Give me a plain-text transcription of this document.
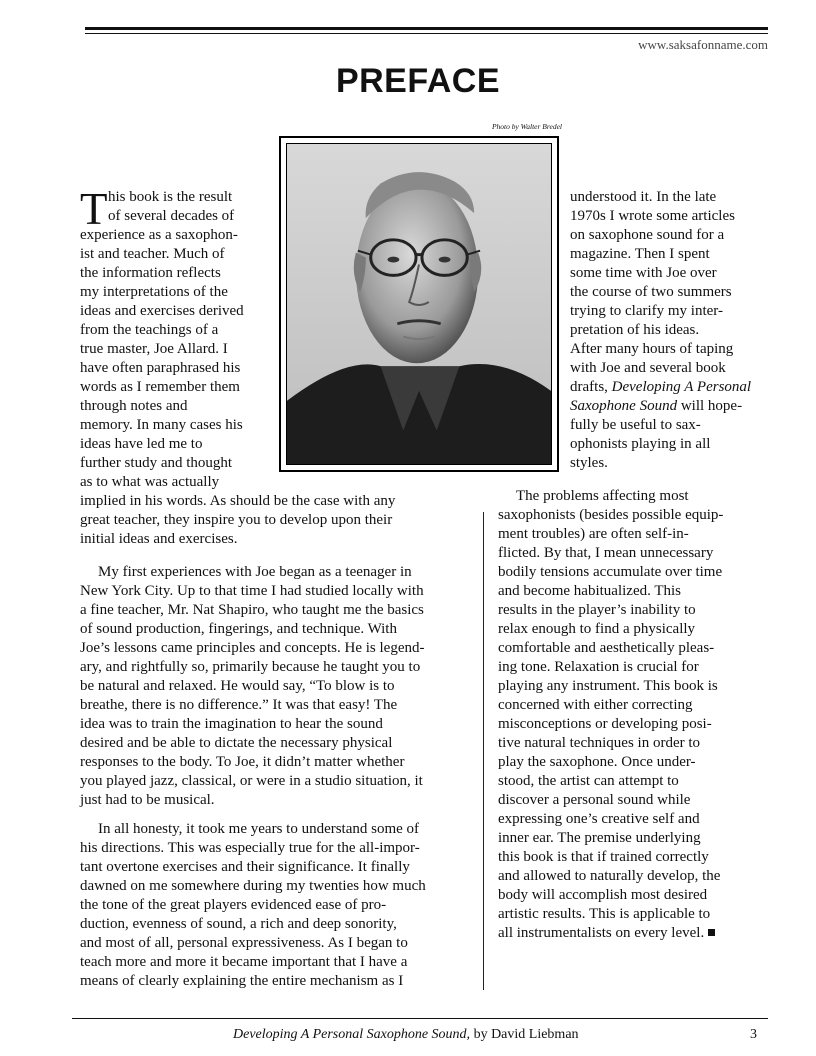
www.saksafonname.com
PREFACE
Photo by Walter Bredel
T his book is the result
of several decades of
experience as a saxophon-
ist and teacher. Much of
the information reflects
my interpretations of the
ideas and exercises derived
from the teachings of a
true master, Joe Allard. I
have often paraphrased his
words as I remember them
through notes and
memory. In many cases his
ideas have led me to
further study and thought
as to what was actually
implied in his words. As should be the case with any
great teacher, they inspire you to develop upon their
initial ideas and exercises.
understood it. In the late
1970s I wrote some articles
on saxophone sound for a
magazine. Then I spent
some time with Joe over
the course of two summers
trying to clarify my inter-
pretation of his ideas.
After many hours of taping
with Joe and several book
drafts, Developing A Personal
Saxophone Sound will hope-
fully be useful to sax-
ophonists playing in all
styles.
My first experiences with Joe began as a teenager in
New York City. Up to that time I had studied locally with
a fine teacher, Mr. Nat Shapiro, who taught me the basics
of sound production, fingerings, and technique. With
Joe’s lessons came principles and concepts. He is legend-
ary, and rightfully so, primarily because he taught you to
be natural and relaxed. He would say, “To blow is to
breathe, there is no difference.” It was that easy! The
idea was to train the imagination to hear the sound
desired and be able to dictate the necessary physical
responses to the body. To Joe, it didn’t matter whether
you played jazz, classical, or were in a studio situation, it
just had to be musical.
In all honesty, it took me years to understand some of
his directions. This was especially true for the all-impor-
tant overtone exercises and their significance. It finally
dawned on me somewhere during my twenties how much
the tone of the great players evidenced ease of pro-
duction, evenness of sound, a rich and deep sonority,
and most of all, personal expressiveness. As I began to
teach more and more it became important that I have a
means of clearly explaining the entire mechanism as I
The problems affecting most
saxophonists (besides possible equip-
ment troubles) are often self-in-
flicted. By that, I mean unnecessary
bodily tensions accumulate over time
and become habitualized. This
results in the player’s inability to
relax enough to find a physically
comfortable and aesthetically pleas-
ing tone. Relaxation is crucial for
playing any instrument. This book is
concerned with either correcting
misconceptions or developing posi-
tive natural techniques in order to
play the saxophone. Once under-
stood, the artist can attempt to
discover a personal sound while
expressing one’s creative self and
inner ear. The premise underlying
this book is that if trained correctly
and allowed to naturally develop, the
body will accomplish most desired
artistic results. This is applicable to
all instrumentalists on every level.
Developing A Personal Saxophone Sound, by David Liebman	3
